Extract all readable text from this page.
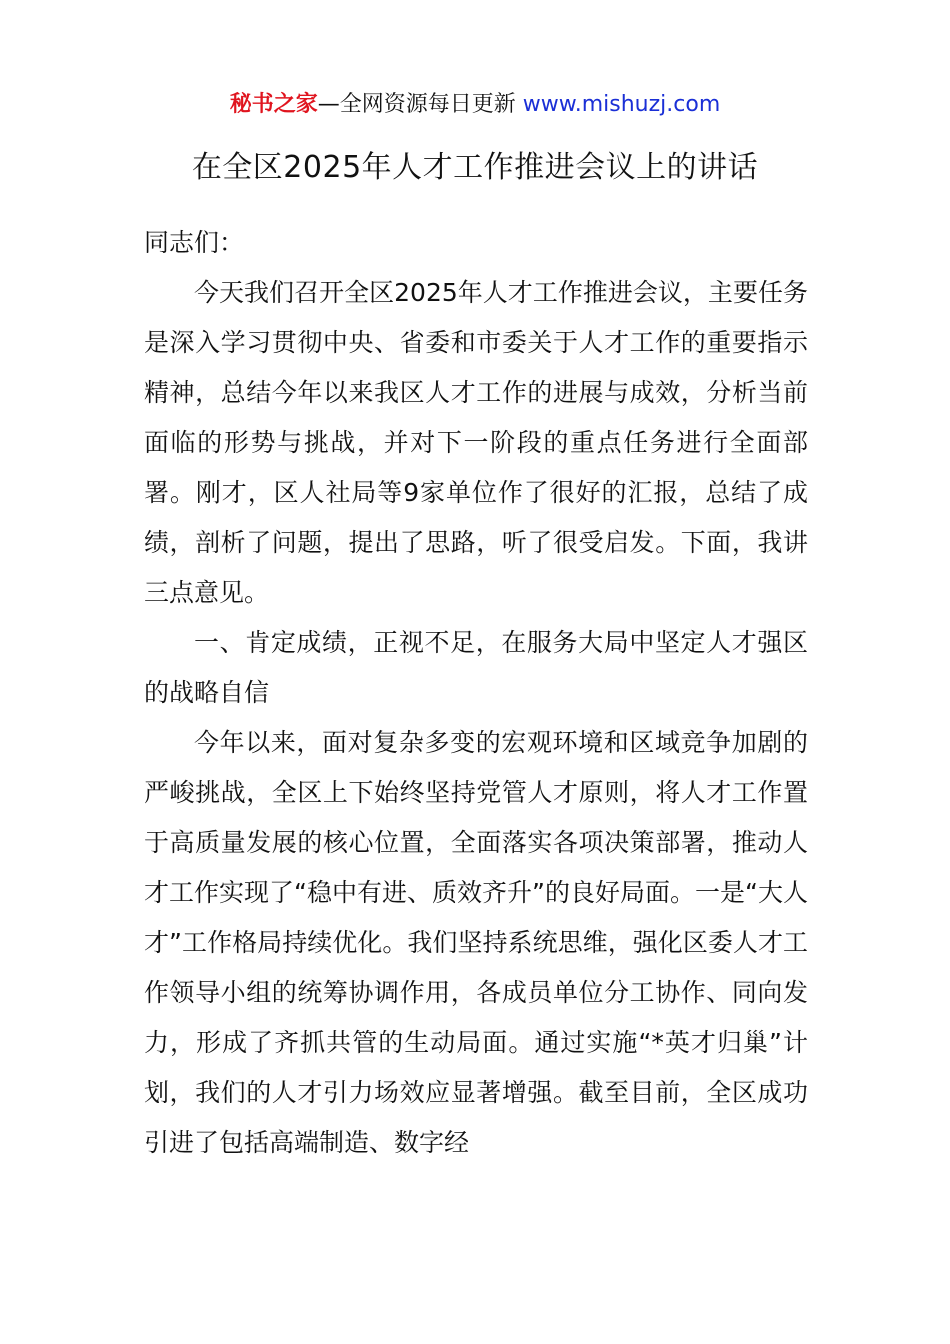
秘书之家—全网资源每日更新 www.mishuzj.com
在全区2025年人才工作推进会议上的讲话

同志们：

今天我们召开全区2025年人才工作推进会议，主要任务是深入学习贯彻中央、省委和市委关于人才工作的重要指示精神，总结今年以来我区人才工作的进展与成效，分析当前面临的形势与挑战，并对下一阶段的重点任务进行全面部署。刚才，区人社局等9家单位作了很好的汇报，总结了成绩，剖析了问题，提出了思路，听了很受启发。下面，我讲三点意见。

一、肯定成绩，正视不足，在服务大局中坚定人才强区的战略自信

今年以来，面对复杂多变的宏观环境和区域竞争加剧的严峻挑战，全区上下始终坚持党管人才原则，将人才工作置于高质量发展的核心位置，全面落实各项决策部署，推动人才工作实现了“稳中有进、质效齐升”的良好局面。一是“大人才”工作格局持续优化。我们坚持系统思维，强化区委人才工作领导小组的统筹协调作用，各成员单位分工协作、同向发力，形成了齐抓共管的生动局面。通过实施“*英才归巢”计划，我们的人才引力场效应显著增强。截至目前，全区成功引进了包括高端制造、数字经
